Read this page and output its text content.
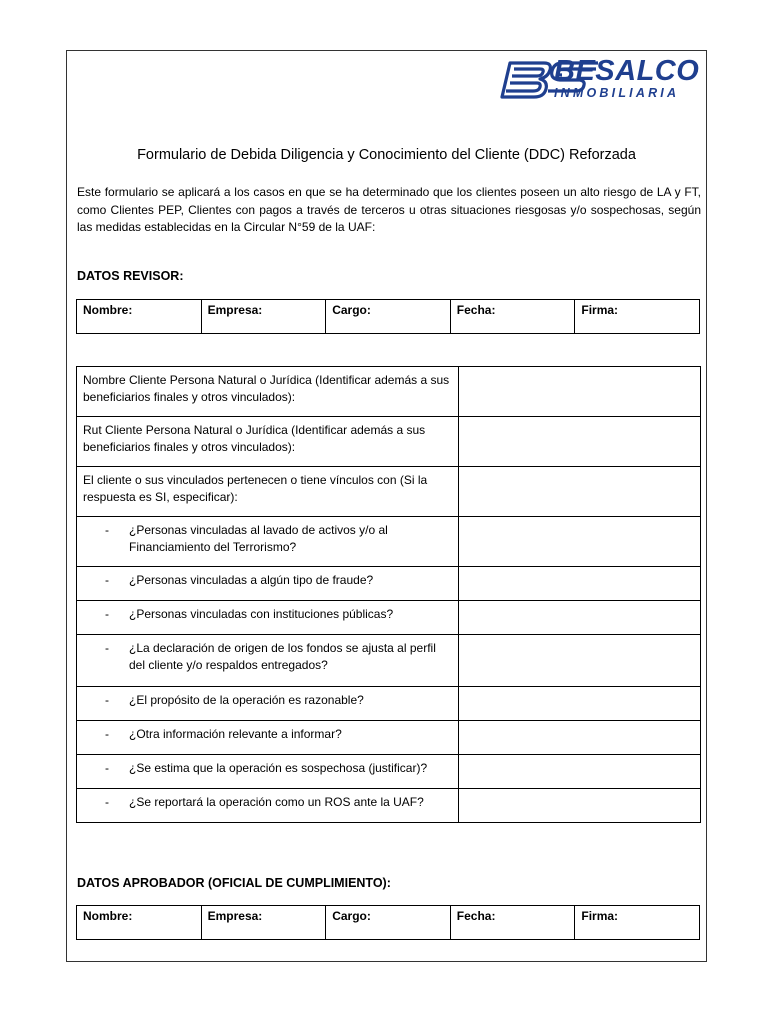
BESALCO
INMOBILIARIA
Formulario de Debida Diligencia y Conocimiento del Cliente (DDC) Reforzada
Este formulario se aplicará a los casos en que se ha determinado que los clientes poseen un alto riesgo de LA y FT, como Clientes PEP, Clientes con pagos a través de terceros u otras situaciones riesgosas y/o sospechosas, según las medidas establecidas en la Circular N°59 de la UAF:
DATOS REVISOR:
Nombre:	Empresa:	Cargo:	Fecha:	Firma:
Nombre Cliente Persona Natural o Jurídica (Identificar además a sus beneficiarios finales y otros vinculados):	
Rut Cliente Persona Natural o Jurídica (Identificar además a sus beneficiarios finales y otros vinculados):	
El cliente o sus vinculados pertenecen o tiene vínculos con (Si la respuesta es SI, especificar):	
- ¿Personas vinculadas al lavado de activos y/o al Financiamiento del Terrorismo?	
- ¿Personas vinculadas a algún tipo de fraude?	
- ¿Personas vinculadas con instituciones públicas?	
- ¿La declaración de origen de los fondos se ajusta al perfil del cliente y/o respaldos entregados?	
- ¿El propósito de la operación es razonable?	
- ¿Otra información relevante a informar?	
- ¿Se estima que la operación es sospechosa (justificar)?	
- ¿Se reportará la operación como un ROS ante la UAF?	
DATOS APROBADOR (OFICIAL DE CUMPLIMIENTO):
Nombre:	Empresa:	Cargo:	Fecha:	Firma:
